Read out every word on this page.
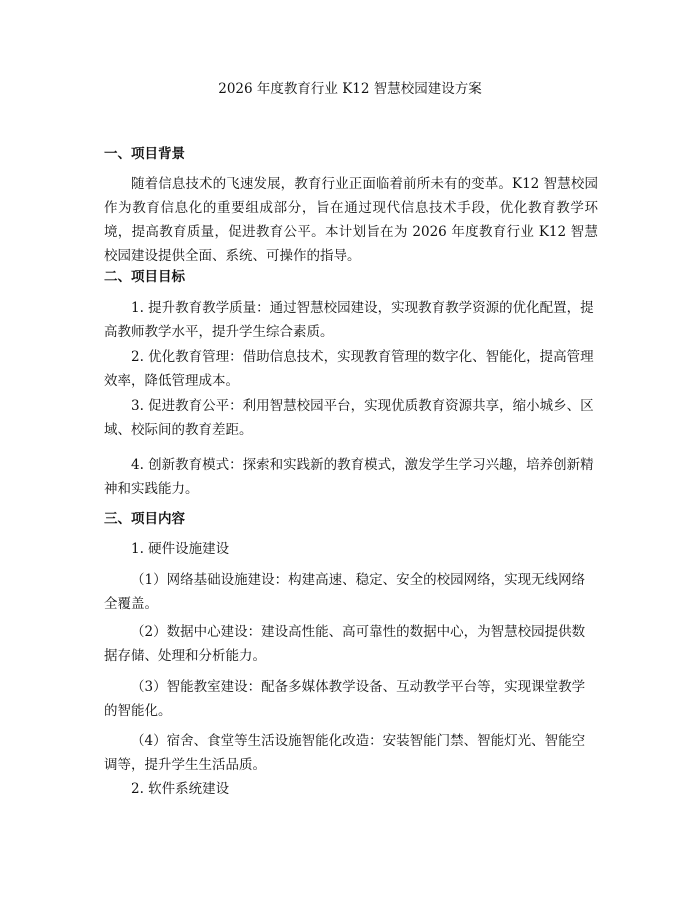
2026 年度教育行业 K12 智慧校园建设方案
一、项目背景

随着信息技术的飞速发展，教育行业正面临着前所未有的变革。K12 智慧校园作为教育信息化的重要组成部分，旨在通过现代信息技术手段，优化教育教学环境，提高教育质量，促进教育公平。本计划旨在为 2026 年度教育行业 K12 智慧校园建设提供全面、系统、可操作的指导。

二、项目目标

1. 提升教育教学质量：通过智慧校园建设，实现教育教学资源的优化配置，提高教师教学水平，提升学生综合素质。

2. 优化教育管理：借助信息技术，实现教育管理的数字化、智能化，提高管理效率，降低管理成本。

3. 促进教育公平：利用智慧校园平台，实现优质教育资源共享，缩小城乡、区域、校际间的教育差距。

4. 创新教育模式：探索和实践新的教育模式，激发学生学习兴趣，培养创新精神和实践能力。

三、项目内容
1. 硬件设施建设

（1）网络基础设施建设：构建高速、稳定、安全的校园网络，实现无线网络全覆盖。

（2）数据中心建设：建设高性能、高可靠性的数据中心，为智慧校园提供数据存储、处理和分析能力。

（3）智能教室建设：配备多媒体教学设备、互动教学平台等，实现课堂教学的智能化。

（4）宿舍、食堂等生活设施智能化改造：安装智能门禁、智能灯光、智能空调等，提升学生生活品质。

2. 软件系统建设
